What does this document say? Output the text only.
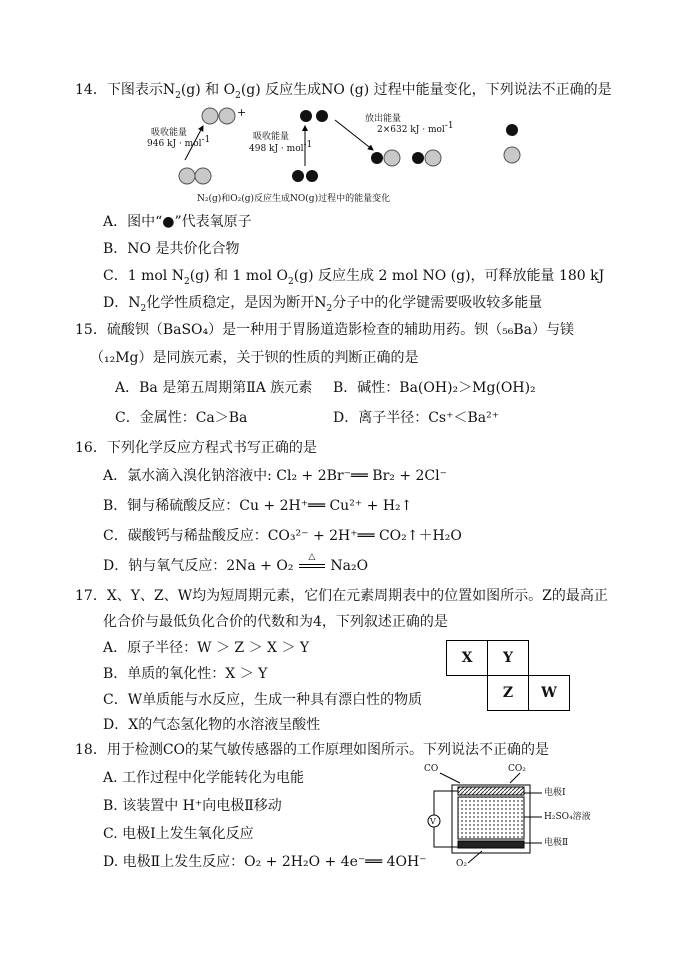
14．下图表示$N_2(g)$ 和 $O_2(g)$ 反应生成NO (g) 过程中能量变化，下列说法不正确的是
+
吸收能量
946 kJ · mol$^{-1}$	吸收能量
498 kJ · mol$^{-1}$
放出能量
2×632 kJ · mol$^{-1}$
N₂(g)和O₂(g)反应生成NO(g)过程中的能量变化
A．图中“●”代表氧原子
B．NO 是共价化合物
C．1 mol $N_2(g)$ 和 1 mol $O_2(g)$ 反应生成 2 mol NO (g)，可释放能量 180 kJ
D．$N_2$化学性质稳定，是因为断开$N_2$分子中的化学键需要吸收较多能量
15．硫酸钡（BaSO₄）是一种用于胃肠道造影检查的辅助用药。钡（₅₆Ba）与镁
（₁₂Mg）是同族元素，关于钡的性质的判断正确的是
A．Ba 是第五周期第ⅡA 族元素 B．碱性：Ba(OH)₂＞Mg(OH)₂
C．金属性：Ca＞Ba	D．离子半径：Cs⁺＜Ba²⁺
16．下列化学反应方程式书写正确的是
A．氯水滴入溴化钠溶液中: Cl₂ + 2Br⁻══ Br₂ + 2Cl⁻
B．铜与稀硫酸反应：Cu + 2H⁺══ Cu²⁺ + H₂↑
C．碳酸钙与稀盐酸反应：CO₃²⁻ + 2H⁺══ CO₂↑＋H₂O
D．钠与氧气反应：2Na + O₂
△
Na₂O
17．X、Y、Z、W均为短周期元素，它们在元素周期表中的位置如图所示。Z的最高正
化合价与最低负化合价的代数和为4，下列叙述正确的是
A．原子半径：W ＞ Z ＞ X ＞ Y
B．单质的氧化性：X ＞ Y
C．W单质能与水反应，生成一种具有漂白性的物质
D．X的气态氢化物的水溶液呈酸性
X	Y	
	Z	W
18．用于检测CO的某气敏传感器的工作原理如图所示。下列说法不正确的是
A. 工作过程中化学能转化为电能
B. 该装置中 H⁺向电极Ⅱ移动
C. 电极Ⅰ上发生氧化反应
D. 电极Ⅱ上发生反应：O₂ + 2H₂O + 4e⁻══ 4OH⁻
CO	CO₂
V
电极Ⅰ
H₂SO₄溶液
电极Ⅱ
O₂
